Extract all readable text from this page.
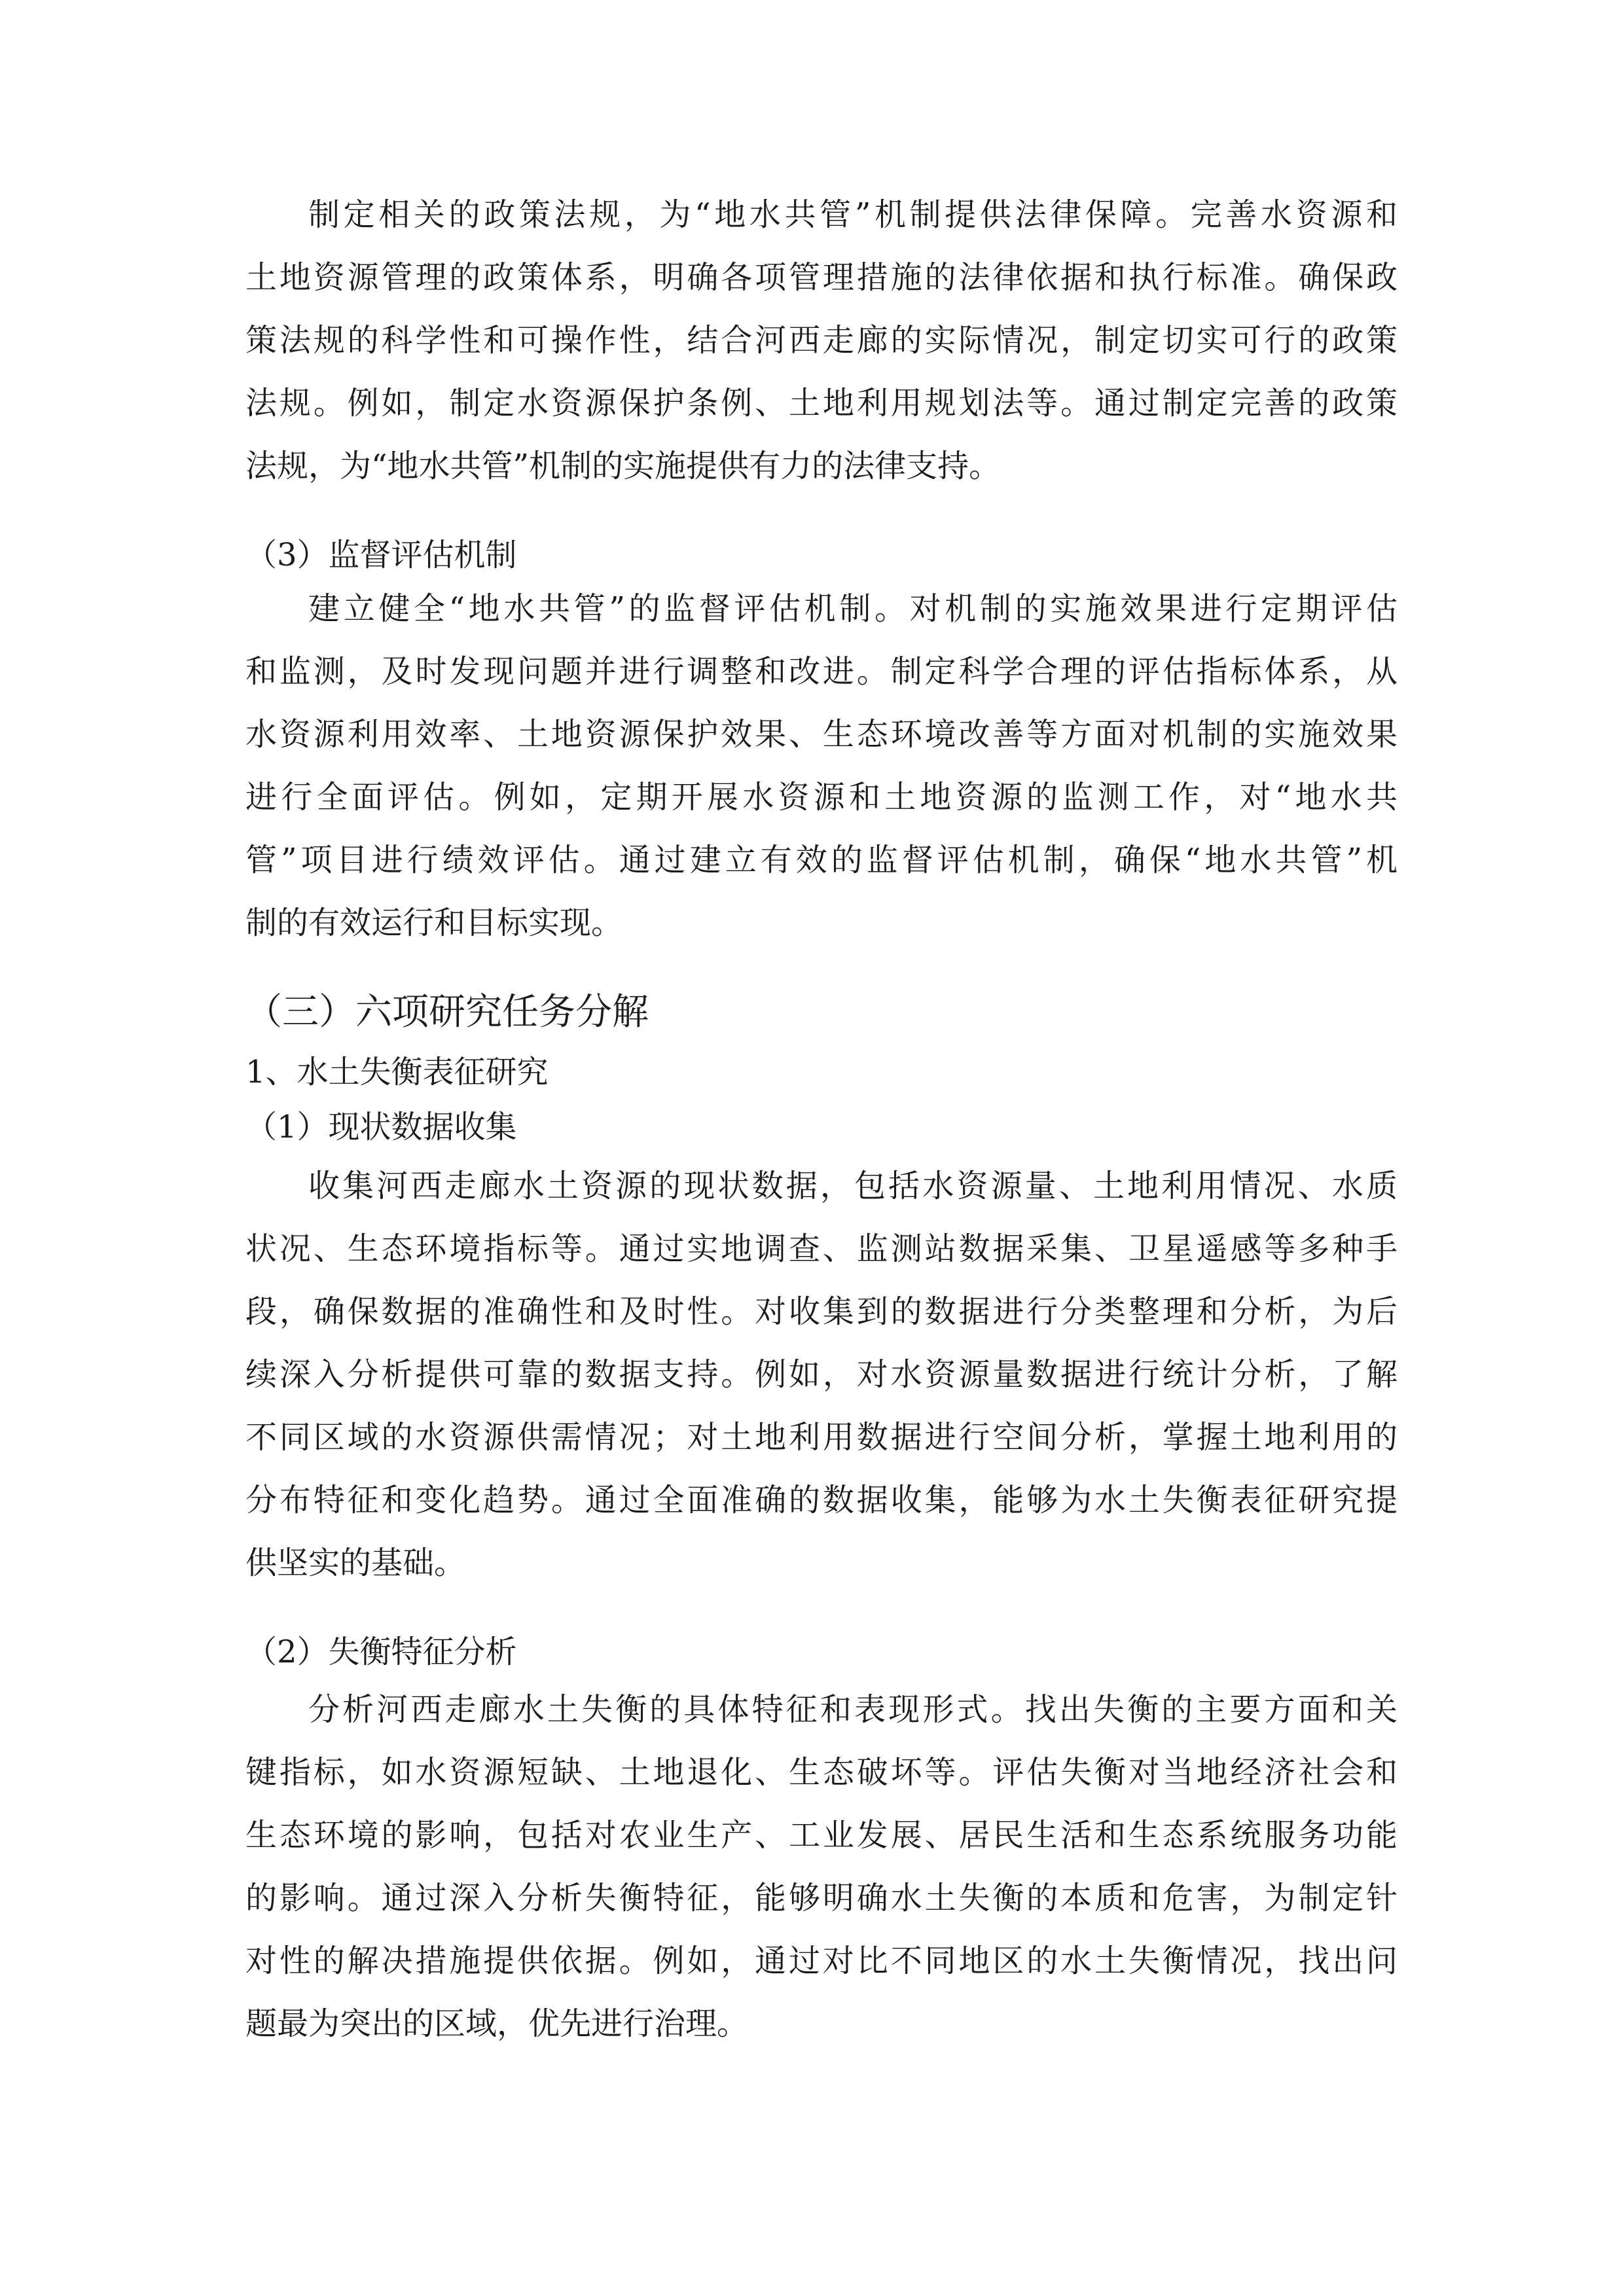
制定相关的政策法规，为“地水共管”机制提供法律保障。完善水资源和
土地资源管理的政策体系，明确各项管理措施的法律依据和执行标准。确保政
策法规的科学性和可操作性，结合河西走廊的实际情况，制定切实可行的政策
法规。例如，制定水资源保护条例、土地利用规划法等。通过制定完善的政策
法规，为“地水共管”机制的实施提供有力的法律支持。
（3）监督评估机制
建立健全“地水共管”的监督评估机制。对机制的实施效果进行定期评估
和监测，及时发现问题并进行调整和改进。制定科学合理的评估指标体系，从
水资源利用效率、土地资源保护效果、生态环境改善等方面对机制的实施效果
进行全面评估。例如，定期开展水资源和土地资源的监测工作，对“地水共
管”项目进行绩效评估。通过建立有效的监督评估机制，确保“地水共管”机
制的有效运行和目标实现。
（三）六项研究任务分解
1、水土失衡表征研究
（1）现状数据收集
收集河西走廊水土资源的现状数据，包括水资源量、土地利用情况、水质
状况、生态环境指标等。通过实地调查、监测站数据采集、卫星遥感等多种手
段，确保数据的准确性和及时性。对收集到的数据进行分类整理和分析，为后
续深入分析提供可靠的数据支持。例如，对水资源量数据进行统计分析，了解
不同区域的水资源供需情况；对土地利用数据进行空间分析，掌握土地利用的
分布特征和变化趋势。通过全面准确的数据收集，能够为水土失衡表征研究提
供坚实的基础。
（2）失衡特征分析
分析河西走廊水土失衡的具体特征和表现形式。找出失衡的主要方面和关
键指标，如水资源短缺、土地退化、生态破坏等。评估失衡对当地经济社会和
生态环境的影响，包括对农业生产、工业发展、居民生活和生态系统服务功能
的影响。通过深入分析失衡特征，能够明确水土失衡的本质和危害，为制定针
对性的解决措施提供依据。例如，通过对比不同地区的水土失衡情况，找出问
题最为突出的区域，优先进行治理。
